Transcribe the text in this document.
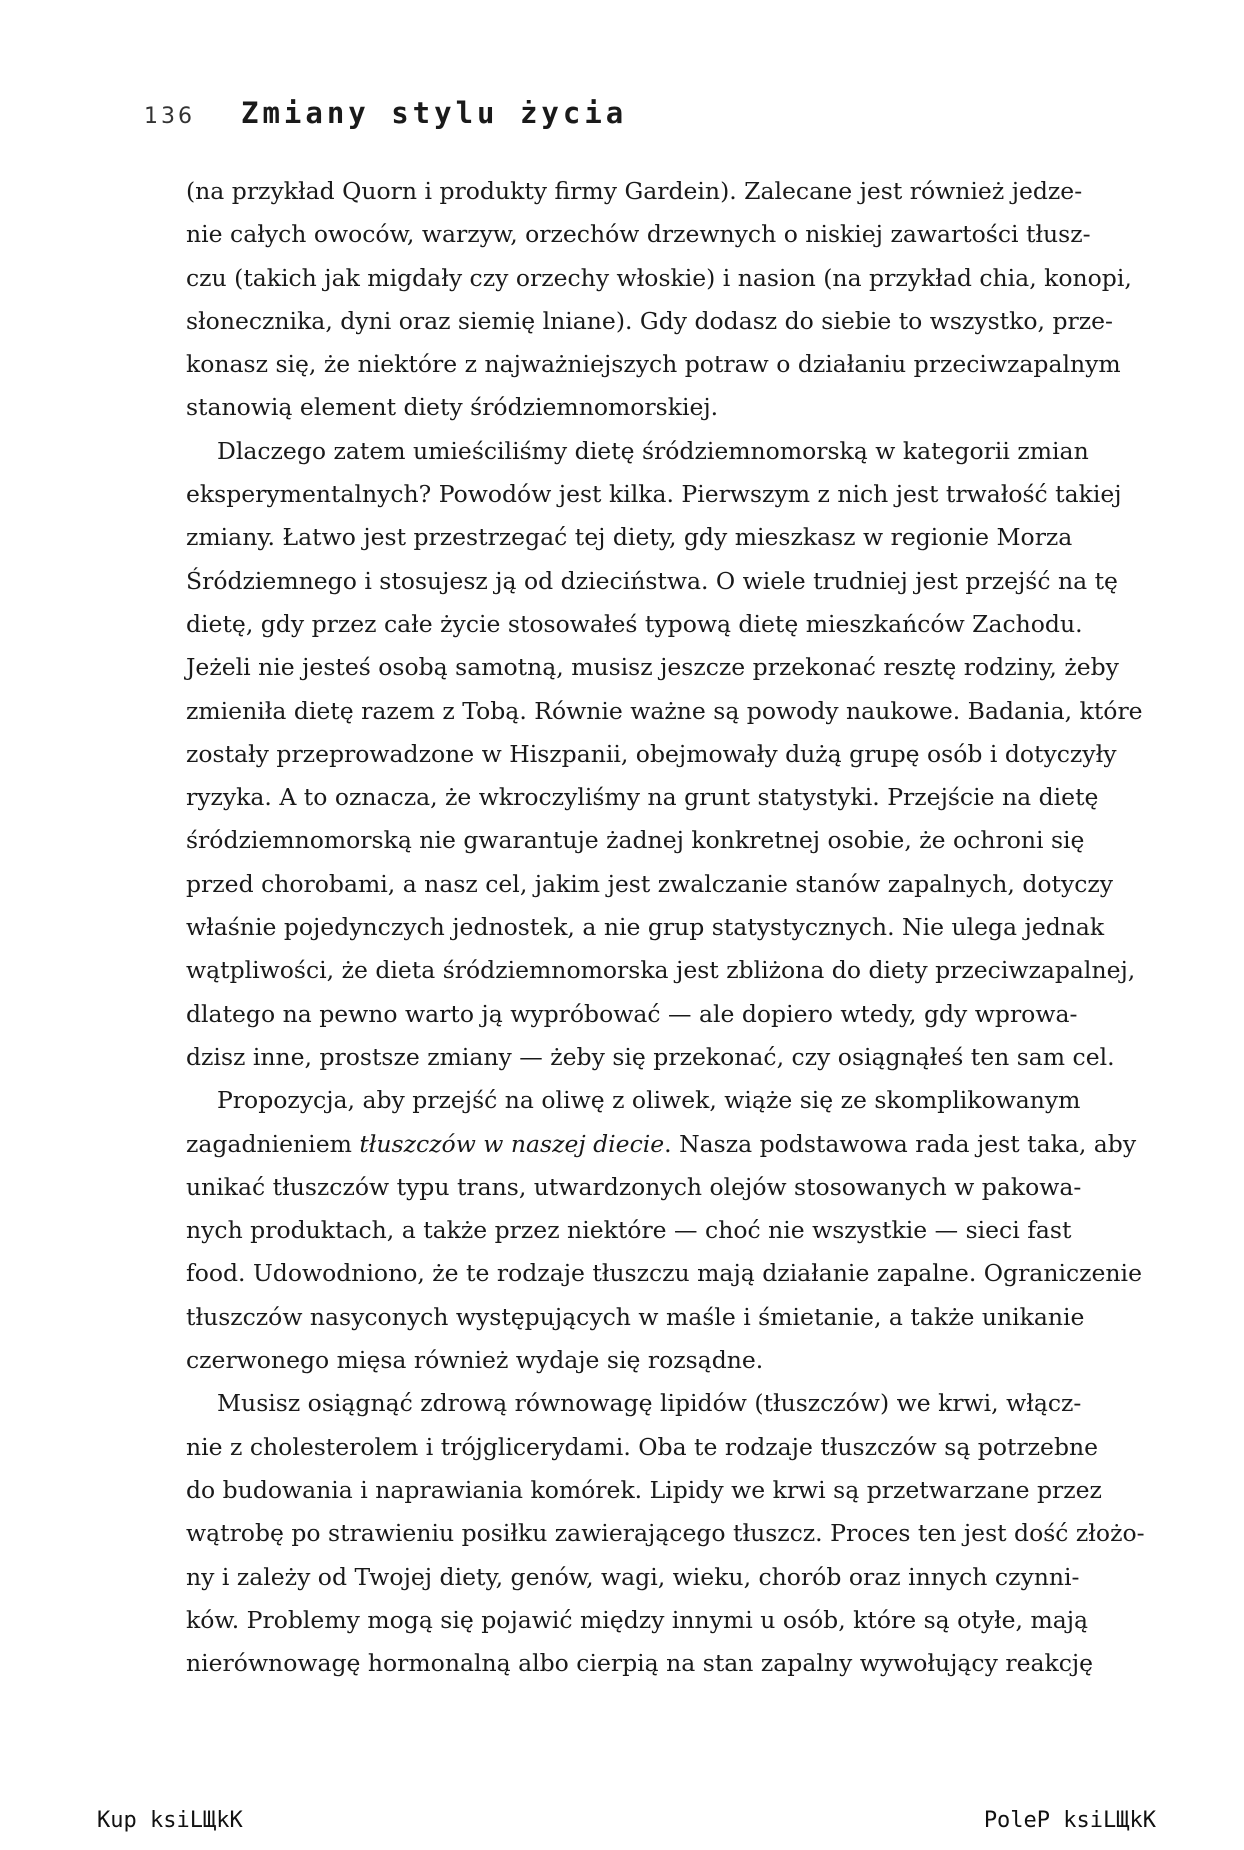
136 Zmiany stylu życia

(na przykład Quorn i produkty firmy Gardein). Zalecane jest również jedze-
nie całych owoców, warzyw, orzechów drzewnych o niskiej zawartości tłusz-
czu (takich jak migdały czy orzechy włoskie) i nasion (na przykład chia, konopi,
słonecznika, dyni oraz siemię lniane). Gdy dodasz do siebie to wszystko, prze-
konasz się, że niektóre z najważniejszych potraw o działaniu przeciwzapalnym
stanowią element diety śródziemnomorskiej.

Dlaczego zatem umieściliśmy dietę śródziemnomorską w kategorii zmian
eksperymentalnych? Powodów jest kilka. Pierwszym z nich jest trwałość takiej
zmiany. Łatwo jest przestrzegać tej diety, gdy mieszkasz w regionie Morza
Śródziemnego i stosujesz ją od dzieciństwa. O wiele trudniej jest przejść na tę
dietę, gdy przez całe życie stosowałeś typową dietę mieszkańców Zachodu.
Jeżeli nie jesteś osobą samotną, musisz jeszcze przekonać resztę rodziny, żeby
zmieniła dietę razem z Tobą. Równie ważne są powody naukowe. Badania, które
zostały przeprowadzone w Hiszpanii, obejmowały dużą grupę osób i dotyczyły
ryzyka. A to oznacza, że wkroczyliśmy na grunt statystyki. Przejście na dietę
śródziemnomorską nie gwarantuje żadnej konkretnej osobie, że ochroni się
przed chorobami, a nasz cel, jakim jest zwalczanie stanów zapalnych, dotyczy
właśnie pojedynczych jednostek, a nie grup statystycznych. Nie ulega jednak
wątpliwości, że dieta śródziemnomorska jest zbliżona do diety przeciwzapalnej,
dlatego na pewno warto ją wypróbować — ale dopiero wtedy, gdy wprowa-
dzisz inne, prostsze zmiany — żeby się przekonać, czy osiągnąłeś ten sam cel.

Propozycja, aby przejść na oliwę z oliwek, wiąże się ze skomplikowanym
zagadnieniem tłuszczów w naszej diecie. Nasza podstawowa rada jest taka, aby
unikać tłuszczów typu trans, utwardzonych olejów stosowanych w pakowa-
nych produktach, a także przez niektóre — choć nie wszystkie — sieci fast
food. Udowodniono, że te rodzaje tłuszczu mają działanie zapalne. Ograniczenie
tłuszczów nasyconych występujących w maśle i śmietanie, a także unikanie
czerwonego mięsa również wydaje się rozsądne.

Musisz osiągnąć zdrową równowagę lipidów (tłuszczów) we krwi, włącz-
nie z cholesterolem i trójglicerydami. Oba te rodzaje tłuszczów są potrzebne
do budowania i naprawiania komórek. Lipidy we krwi są przetwarzane przez
wątrobę po strawieniu posiłku zawierającego tłuszcz. Proces ten jest dość złożo-
ny i zależy od Twojej diety, genów, wagi, wieku, chorób oraz innych czynni-
ków. Problemy mogą się pojawić między innymi u osób, które są otyłe, mają
nierównowagę hormonalną albo cierpią na stan zapalny wywołujący reakcję

Kup ksiLЩkК	PoleР ksiLЩkК
